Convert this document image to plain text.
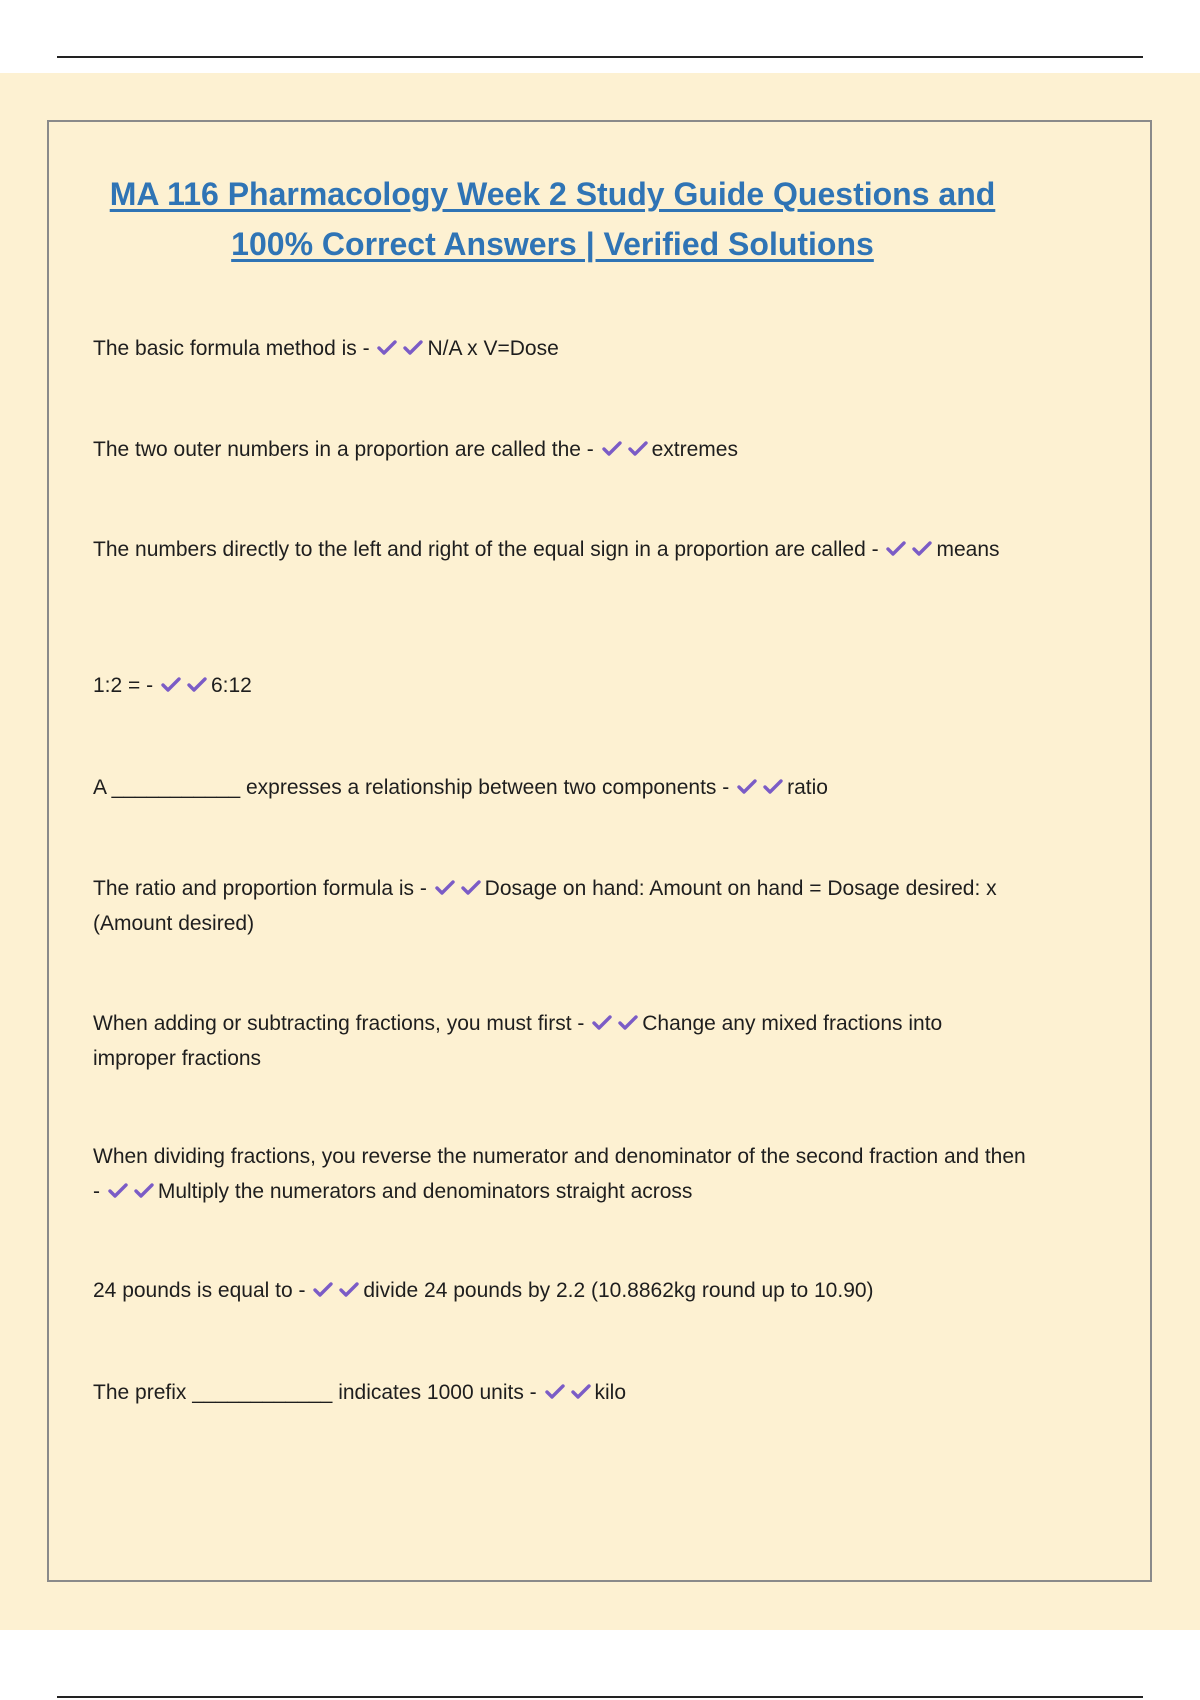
MA 116 Pharmacology Week 2 Study Guide Questions and 100% Correct Answers | Verified Solutions
The basic formula method is -	N/A x V=Dose
The two outer numbers in a proportion are called the -	extremes
The numbers directly to the left and right of the equal sign in a proportion are called -	means
1:2 = -	6:12
A ___________ expresses a relationship between two components -	ratio
The ratio and proportion formula is -	Dosage on hand: Amount on hand = Dosage desired: x (Amount desired)
When adding or subtracting fractions, you must first -	Change any mixed fractions into improper fractions
When dividing fractions, you reverse the numerator and denominator of the second fraction and then -	Multiply the numerators and denominators straight across
24 pounds is equal to -	divide 24 pounds by 2.2 (10.8862kg round up to 10.90)
The prefix ____________ indicates 1000 units -	kilo
